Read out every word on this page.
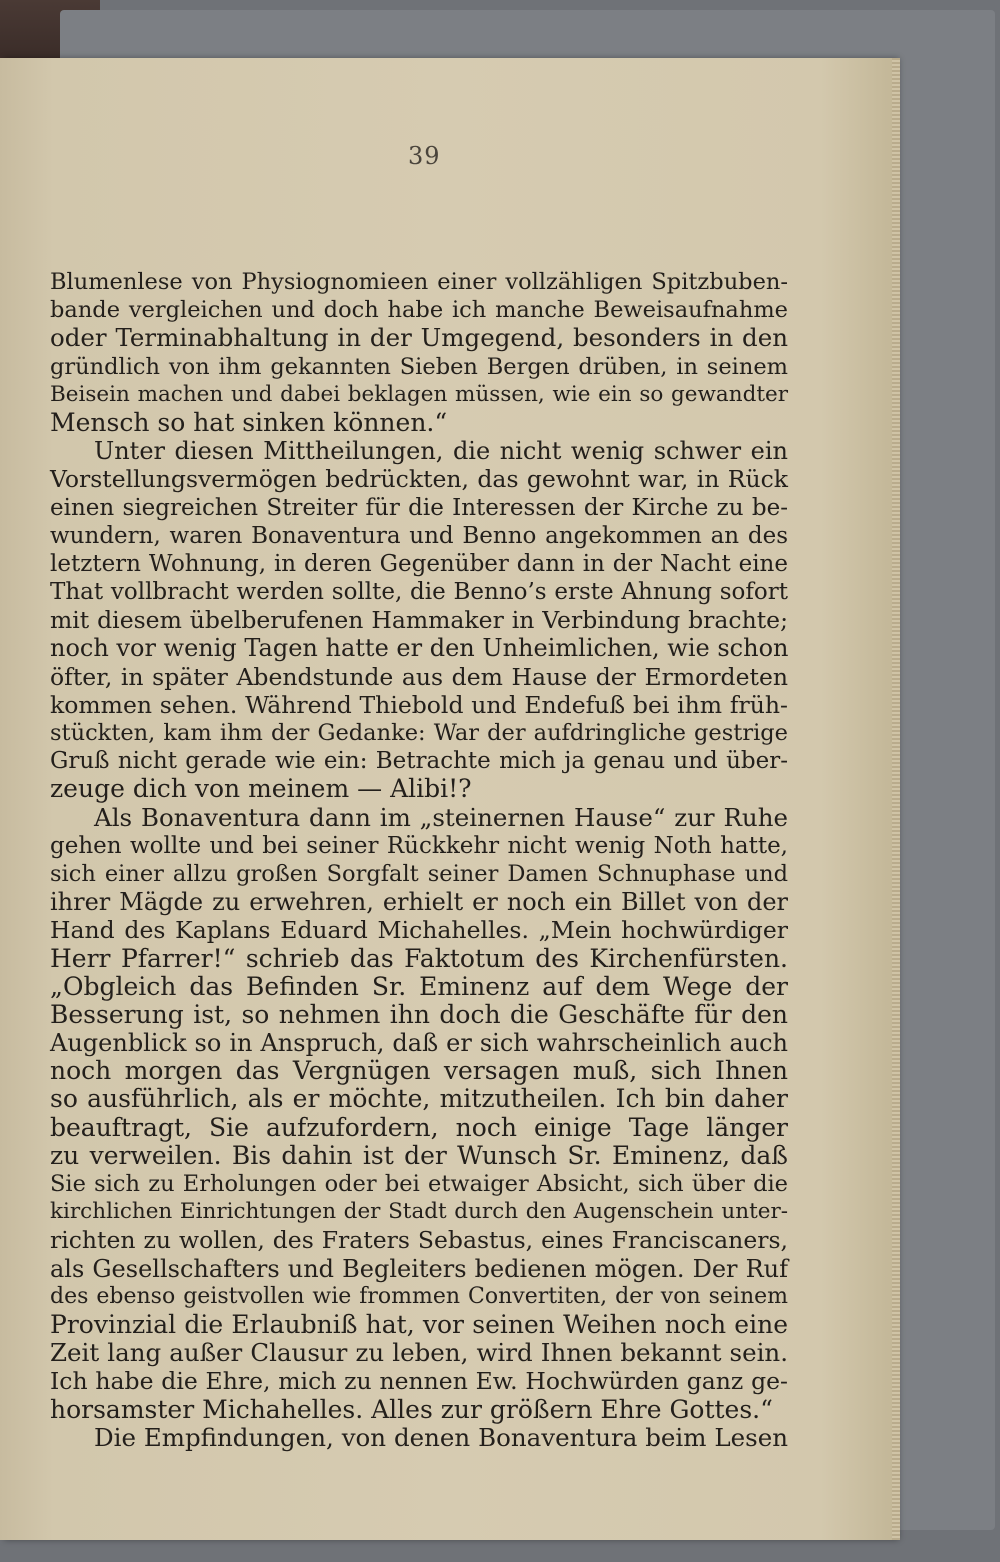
39
Blumenlese von Physiognomieen einer vollzähligen Spitzbuben-
bande vergleichen und doch habe ich manche Beweisaufnahme
oder Terminabhaltung in der Umgegend, besonders in den
gründlich von ihm gekannten Sieben Bergen drüben, in seinem
Beisein machen und dabei beklagen müssen, wie ein so gewandter
Mensch so hat sinken können.“
Unter diesen Mittheilungen, die nicht wenig schwer ein
Vorstellungsvermögen bedrückten, das gewohnt war, in Rück
einen siegreichen Streiter für die Interessen der Kirche zu be-
wundern, waren Bonaventura und Benno angekommen an des
letztern Wohnung, in deren Gegenüber dann in der Nacht eine
That vollbracht werden sollte, die Benno’s erste Ahnung sofort
mit diesem übelberufenen Hammaker in Verbindung brachte;
noch vor wenig Tagen hatte er den Unheimlichen, wie schon
öfter, in später Abendstunde aus dem Hause der Ermordeten
kommen sehen. Während Thiebold und Endefuß bei ihm früh-
stückten, kam ihm der Gedanke: War der aufdringliche gestrige
Gruß nicht gerade wie ein: Betrachte mich ja genau und über-
zeuge dich von meinem — Alibi!?
Als Bonaventura dann im „steinernen Hause“ zur Ruhe
gehen wollte und bei seiner Rückkehr nicht wenig Noth hatte,
sich einer allzu großen Sorgfalt seiner Damen Schnuphase und
ihrer Mägde zu erwehren, erhielt er noch ein Billet von der
Hand des Kaplans Eduard Michahelles. „Mein hochwürdiger
Herr Pfarrer!“ schrieb das Faktotum des Kirchenfürsten.
„Obgleich das Befinden Sr. Eminenz auf dem Wege der
Besserung ist, so nehmen ihn doch die Geschäfte für den
Augenblick so in Anspruch, daß er sich wahrscheinlich auch
noch morgen das Vergnügen versagen muß, sich Ihnen
so ausführlich, als er möchte, mitzutheilen. Ich bin daher
beauftragt, Sie aufzufordern, noch einige Tage länger
zu verweilen. Bis dahin ist der Wunsch Sr. Eminenz, daß
Sie sich zu Erholungen oder bei etwaiger Absicht, sich über die
kirchlichen Einrichtungen der Stadt durch den Augenschein unter-
richten zu wollen, des Fraters Sebastus, eines Franciscaners,
als Gesellschafters und Begleiters bedienen mögen. Der Ruf
des ebenso geistvollen wie frommen Convertiten, der von seinem
Provinzial die Erlaubniß hat, vor seinen Weihen noch eine
Zeit lang außer Clausur zu leben, wird Ihnen bekannt sein.
Ich habe die Ehre, mich zu nennen Ew. Hochwürden ganz ge-
horsamster Michahelles. Alles zur größern Ehre Gottes.“
Die Empfindungen, von denen Bonaventura beim Lesen
